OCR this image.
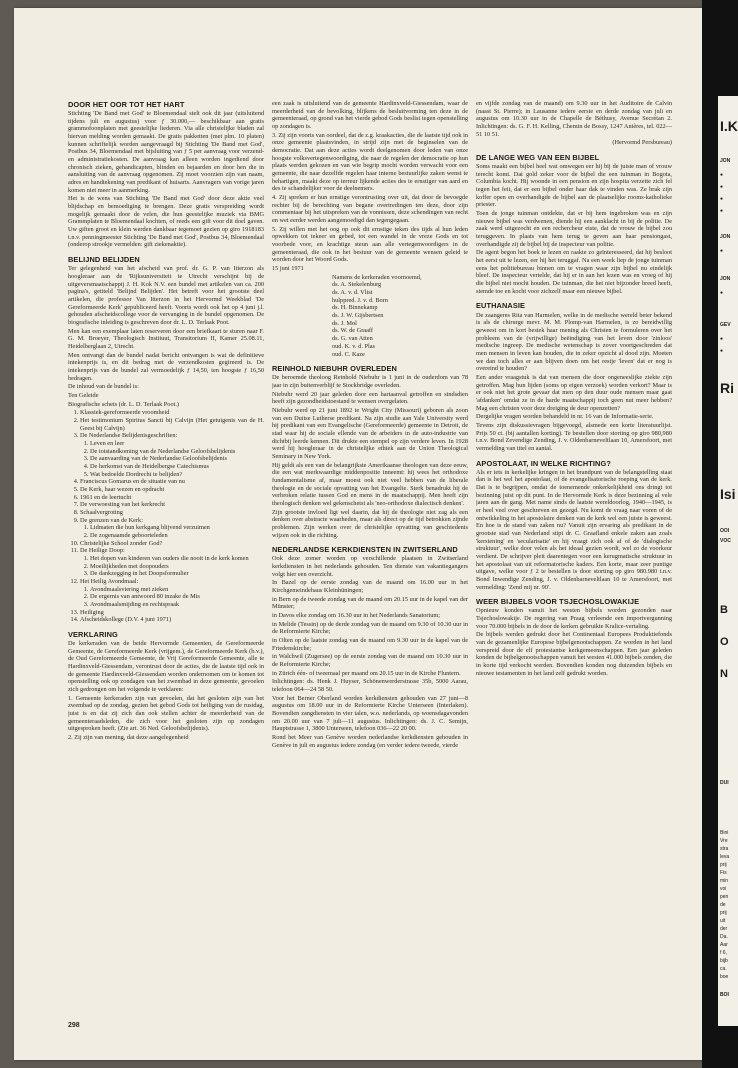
DOOR HET OOR TOT HET HART

Stichting 'De Band met God' te Bloemendaal stelt ook dit jaar (uitsluitend tijdens juli en augustus) voor ƒ 30.000,— beschikbaar aan gratis grammofoonplaten met geestelijke liederen. Via alle christelijke bladen zal hiervan melding worden gemaakt. De gratis pakketten (met plm. 10 platen) kunnen schriftelijk worden aangevraagd bij Stichting 'De Band met God', Postbus 34, Bloemendaal met bijsluiting van ƒ 5 per aanvraag voor verzend- en administratiekosten. De aanvraag kan alleen worden ingediend door chronisch zieken, gehandicapten, blinden en bejaarden en door hen die in aansluiting van de aanvraag opgenomen. Zij moet voorzien zijn van naam, adres en handtekening van predikant of huisarts. Aanvragers van vorige jaren komen niet meer in aanmerking.

Het is de wens van Stichting 'De Band met God' door deze aktie veel blijdschap en bemoediging te brengen. Deze gratis verspreiding wordt mogelijk gemaakt door de velen, die hun geestelijke muziek via BMG Grammplaten te Bloemendaal kochten, of reeds een gift voor dit doel gaven. Uw giften groot en klein werden dankbaar tegemoet gezien op giro 1918183 t.n.v. penningmeester Stichting 'De Band met God', Postbus 34, Bloemendaal (onderop strookje vermelden: gift ziekenaktie).

BELIJND BELIJDEN

Ter gelegenheid van het afscheid van prof. dr. G. P. van Itterzon als hoogleraar aan de 'Rijksuniversiteit te Utrecht verschijnt bij de uitgeversmaatschappij J. H. Kok N.V. een bundel met artikelen van ca. 200 pagina's, getiteld 'Belijnd Belijden'. Het betreft voor het grootste deel artikelen, die professor Van Itterzon in het Hervormd Weekblad 'De Gereformeerde Kerk' gepubliceerd heeft. Voorts wordt ook het op 4 juni j.l. gehouden afscheidscollege voor de vervanging in de bundel opgenomen. De biografische inleiding is geschreven door dr. L. D. Terlaak Poot.

Men kan een exemplaar laten reserveren door een briefkaart te sturen naar F. G. M. Broeyer, Theologisch Instituut, Transitorium II, Kamer 25.08.11, Heidelberglaan 2, Utrecht.

Men ontvangt dan de bundel nadat bericht ontvangen is wat de definitieve intekenprijs is, en dit bedrag met de verzendkosten gegireerd is. De intekenprijs van de bundel zal vermoedelijk ƒ 14,50, ten hoogste ƒ 16,50 bedragen.

De inhoud van de bundel is:

Ten Geleide

Biografische schets (dr. L. D. Terlaak Poot.)

1. Klassiek-gereformeerde vroomheid
2. Het testimonium Spiritus Sancti bij Calvijn (Het getuigenis van de H. Geest bij Calvijn)
3. De Nederlandse Belijdenisgeschriften:
1. Leven en leer
2. De totstandkoming van de Nederlandse Geloofsbelijdenis
3. De aanvaarding van de Nederlandse Geloofsbelijdenis
4. De herkomst van de Heidelbergse Catechismus
5. Wat bedoelde Dordrecht te belijden?
4. Franciscus Gomarus en de situatie van nu
5. De Kerk, haar wezen en opdracht
6. 1961 en de leertucht
7. De verwoesting van het kerkrecht
8. Schaalvergroting
9. De grenzen van de Kerk:
1. Lidmaten die hun kerkgang blijvend verzuimen
2. De zogenaamde geboorteleden
10. Christelijke School zonder God?
11. De Heilige Doop:
1. Het dopen van kinderen van ouders die nooit in de kerk komen
2. Moeilijkheden met doopouders
3. De dankzegging in het Doopsformulier
12. Het Heilig Avondmaal:
1. Avondmaalsviering met zieken
2. De ergernis van antwoord 80 inzake de Mis
3. Avondmaalsmijding en rechtspraak
13. Heiliging
14. Afscheidskollege (D.V. 4 juni 1971)
VERKLARING

De kerkeraden van de beide Hervormde Gemeenten, de Gereformeerde Gemeente, de Gereformeerde Kerk (vrijgem.), de Gereformeerde Kerk (b.v.), de Oud Gereformeerde Gemeente, de Vrij Gereformeerde Gemeente, alle te Hardinxveld-Giessendam, verontrust door de acties, die de laatste tijd ook in de gemeente Hardinxveld-Giessendam worden ondernomen om te komen tot openstelling ook op zondagen van het zwembad in deze gemeente, gevoelen zich gedrongen om het volgende te verklaren:

1. Gemeente kerkeraden zijn van gevoelen, dat het gesloten zijn van het zwembad op de zondag, gezien het gebod Gods tot heiliging van de rustdag, juist is en dat zij zich dan ook stellen achter de meerderheid van de gemeenteraadsleden, die zich voor het gesloten zijn op zondagen uitgesproken heeft. (Zie art. 36 Ned. Geloofsbelijdenis).

2. Zij zijn van mening, dat deze aangelegenheid

een zaak is uitsluitend van de gemeente Hardinxveld-Giessendam, waar de meerderheid van de bevolking, blijkens de besluitvorming ten deze in de gemeenteraad, op grond van het vierde gebod Gods beslist tegen openstelling op zondagen is.

3. Zij zijn voorts van oordeel, dat de z.g. kraakacties, die de laatste tijd ook in onze gemeente plaatsvinden, in strijd zijn met de beginselen van de democratie. Dat aan deze acties wordt deelgenomen door leden van onze hoogste volksvertegenwoordiging, die naar de regelen der democratie op hun plaats werden gekozen en van wie begrip mocht worden verwacht voor een gemeente, die naar dezelfde regelen haar interne bestuurlijke zaken wenst te behartigen, maakt deze op terreur lijkende acties des te ernstiger van aard en des te schandelijker voor de deelnemers.

4. Zij spreken er hun ernstige verontrusting over uit, dat door de bevoegde rechter bij de berechting van begane overtredingen ten deze, door zijn commentaar bij het uitspreken van de vonnissen, deze schendingen van recht en wet eerder werden aangemoedigd dan tegengegaan.

5. Zij willen met het oog op ook dit ernstige teken des tijds al hun leden opwekken tot tekeer en gebed, tot een wandel in de vreze Gods en tot voorbede voor, en krachtige steun aan alle vertegenwoordigers in de gemeenteraad, die ook in het bestuur van de gemeente wensen geleid te worden door het Woord Gods.

15 juni 1971

Namens de kerkeraden voornoemd,
ds. A. Stekelenburg
ds. A. v. d. Vlist
hulppred. J. v. d. Born
ds. H. Binnekamp
ds. J. W. Gijsbertsen
ds. J. Mol
ds. W. de Graaff
ds. G. van Atten
oud. K. v. d. Plas
oud. C. Kaze
REINHOLD NIEBUHR OVERLEDEN

De beroemde theoloog Reinhold Niebuhr is 1 juni in de ouderdom van 78 jaar in zijn buitenverblijf te Stockbridge overleden.

Niebuhr werd 20 jaar geleden door een hartaanval getroffen en sindsdien heeft zijn gezondheidstoestand te wensen overgelaten.

Niebuhr werd op 21 juni 1892 te Wright City (Missouri) geboren als zoon van een Duitse Lutherse predikant. Na zijn studie aan Yale University werd hij predikant van een Evangelische (Gereformeerde) gemeente in Detroit, de stad waar hij de sociale ellende van de arbeiders in de auto-industrie van dichtbij leerde kennen. Dit drukte een stempel op zijn verdere leven. In 1928 werd hij hoogleraar in de christelijke ethiek aan de Union Theological Seminary in New York.

Hij geldt als een van de belangrijkste Amerikaanse theologen van deze eeuw, die een wat merkwaardige middenpositie inneemt: hij wees het orthodoxe fundamentalisme af, maar moest ook niet veel hebben van de liberale theologie en de sociale opvatting van het Evangelie. Sterk benadrukt hij de verbroken relatie tussen God en mens in de maatschappij. Men heeft zijn theologisch denken wel gekenschetst als 'neo-orthodoxe dialectisch denken'.

Zijn grootste invloed ligt wel daarin, dat hij de theologie niet zag als een denken over abstracte waarheden, maar als direct op de tijd betrokken zijnde problemen. Zijn werken over de christelijke opvatting van geschiedenis wijzen ook in die richting.

NEDERLANDSE KERKDIENSTEN IN ZWITSERLAND

Ook deze zomer worden op verschillende plaatsen in Zwitserland kerkdiensten in het nederlands gehouden. Ten dienste van vakantiegangers volgt hier een overzicht.

In Bazel op de eerste zondag van de maand om 16.00 uur in het Kirchgemeindehaus Kleinhüningen;

in Bern op de tweede zondag van de maand om 20.15 uur in de kapel van der Münster;

in Davos elke zondag om 16.30 uur in het Nederlands Sanatorium;

in Melide (Tessin) op de derde zondag van de maand om 9.30 of 10.30 uur in de Reformierte Kirche;

in Olten op de laatste zondag van de maand om 9.30 uur in de kapel van de Friedenskirche;

in Walchwil (Zugersee) op de eerste zondag van de maand om 10.30 uur in de Reformierte Kirche;

in Zürich één- of tweemaal per maand om 20.15 uur in de Kirche Fluntern.

Inlichtingen: ds. Henk J. Huyser, Schönenwerderstrasse 35b, 5000 Aarau, telefoon 064—24 58 50.

Voor het Berner Oberland worden kerkdiensten gehouden van 27 juni—8 augustus om 18.00 uur in de Reformierte Kirche Unterseen (Interlaken). Bovendien zangdiensten in vier talen, w.o. nederlands, op woensdagavonden om 20.00 uur van 7 juli—11 augustus. Inlichtingen: ds. J. C. Semijn, Hauptstrasse 1, 3800 Unterseen, telefoon 036—22 20 00.

Rond het Meer van Genève worden nederlandse kerkdiensten gehouden in Genève in juli en augustus iedere zondag (en verder iedere tweede, vierde

en vijfde zondag van de maand) om 9.30 uur in het Auditoire de Calvin (naast St. Pierre); in Lausanne iedere eerste en derde zondag van juli en augustus om 10.30 uur in de Chapelle de Béthusy, Avenue Secrétan 2. Inlichtingen: ds. G. F. H. Kelling, Chemin de Bossy, 1247 Anières, tel. 022—51 10 51.

(Hervormd Persbureau)

DE LANGE WEG VAN EEN BIJBEL

Soms maakt een bijbel heel wat omwegen eer hij bij de juiste man of vrouw terecht komt. Dat gold zeker voor de bijbel die een tuinman in Bogota, Columbia kocht. Hij woonde in een pension en zijn hospita verzette zich fel tegen het feit, dat er een bijbel onder haar dak te vinden was. Ze brak zijn koffer open en overhandigde de bijbel aan de plaatselijke rooms-katholieke priester.

Toen de jonge tuinman ontdekte, dat er bij hem ingebroken was en zijn nieuwe bijbel was verdwenen, diende hij een aanklacht in bij de politie. De zaak werd uitgezocht en een rechercheur eiste, dat de vrouw de bijbel zou teruggeven. In plaats van hem terug te geven aan haar pensiongast, overhandigde zij de bijbel bij de inspecteur van politie.

De agent begon het boek te lezen en raakte zo geïnteresseerd, dat hij besloot het eerst uit te lezen, eer hij het teruggaf. Na een week liep de jonge tuinman eens het politiebureau binnen om te vragen waar zijn bijbel nu eindelijk bleef. De inspecteur vertelde, dat hij er in aan het lezen was en vroeg of hij die bijbel niet mocht houden. De tuinman, die het niet bijzonder breed heeft, stemde toe en kocht voor zichzelf maar een nieuwe bijbel.

EUTHANASIE

De zaangeres Rita van Harmelen, welke in de medische wereld beter bekend is als de chirurge mevr. M. M. Plomp-van Harmelen, is zo bereidwillig geweest om in kort bestek haar mening als Christen te formuleren over het probleem van de (vrijwillige) beëindiging van het leven door 'zinloos' medische ingreep. De medische wetenschap is zover voortgeschreden dat men mensen in leven kan houden, die in zeker opzicht al dood zijn. Moeten we dan toch alles er aan blijven doen om het restje 'leven' dat er nog is overeind te houden?

Een ander vraagstuk is dat van mensen die door ongeneeslijke ziekte zijn getroffen. Mag hun lijden (soms op eigen verzoek) worden verkort? Maar is er ook niet het grote gevaar dat men op den duur oude mensen maar gaat 'afdanken' omdat ze in de harde maatschappij toch geen nut meer hebben? Mag een christen voor deze dreiging de deur openzetten?

Dergelijke vragen worden behandeld in nr. 16 van de Informatie-serie.

Tevens zijn diskussievragen bijgevoegd, alsmede een korte literatuurlijst. Prijs 50 ct. (bij aantallen korting). Te bestellen door storting op giro 980,980 t.n.v. Bond Zevendige Zending, J. v. Oldenbarneveltlaan 10, Amersfoort, met vermelding van titel en aantal.

APOSTOLAAT, IN WELKE RICHTING?

Als er iets in kerkelijke kringen in het brandpunt van de belangstelling staat dan is het wel het apostolaat, of de evangelisatorische roeping van de kerk. Dat is te begrijpen, omdat de toenemende onkerkelijkheid ons dringt tot bezinning juist op dit punt. In de Hervormde Kerk is deze bezinning al vele jaren aan de gang. Met name sinds de laatste wereldoorlog, 1940—1945, is er heel veel over geschreven en gezegd. Nu komt de vraag naar voren of de ontwikkeling in het apostolaire denken van de kerk wel een juiste is geweest. En hoe is de stand van zaken nu? Vanuit zijn ervaring als predikant in de grootste stad van Nederland stipt dr. C. Graafland enkele zaken aan zoals 'kerstening' en 'secularisatie' en hij vraagt zich ook af of de 'dialogische struktuur', welke door velen als het ideaal gezien wordt, wel zo de voorkeur verdient. De schrijver pleit daarentegen voor een kerugmatische struktuur in het apostolaat van uit reformatorische kaders. Een korte, maar zeer puntige uitgave, welke voor ƒ 2 te bestellen is door storting op giro 980.980 t.n.v. Bond Inwendige Zending, J. v. Oldenbarneveltlaan 10 te Amersfoort, met vermelding: 'Zend mij nr. 90'.

WEER BIJBELS VOOR TSJECHOSLOWAKIJE

Opnieuw konden vanuit het westen bijbels worden gezonden naar Tsjechoslowakije. De regering van Praag verleende een importvergunning voor 70.000 bijbels in de door de kerken gebruikte Kralice-vertaling.

De bijbels werden gedrukt door het Continentaal Europees Produktiefonds van de gezamenlijke Europese bijbelgenootschappen. Ze worden in het land verspreid door de elf protestantse kerkgemeenschappen. Een jaar geleden konden de bijbelgenootschappen vanuit het westen 41.000 bijbels zenden, die in korte tijd verkocht werden. Bovendien konden nog duizenden bijbels en nieuwe testamenten in het land zelf gedrukt worden.

298
I.K
JON
●
●
●
●
JON
●
JON
●
GEV
●
●
Ri
Isi
OOI
VOC
B
O
N
DUI
Bini
Vre
stra
leva
prij
Fis
min
voi
pen
de
prij
uit
der
Da.
Aar
f 6,
bijb
ca.
boe
BOI
